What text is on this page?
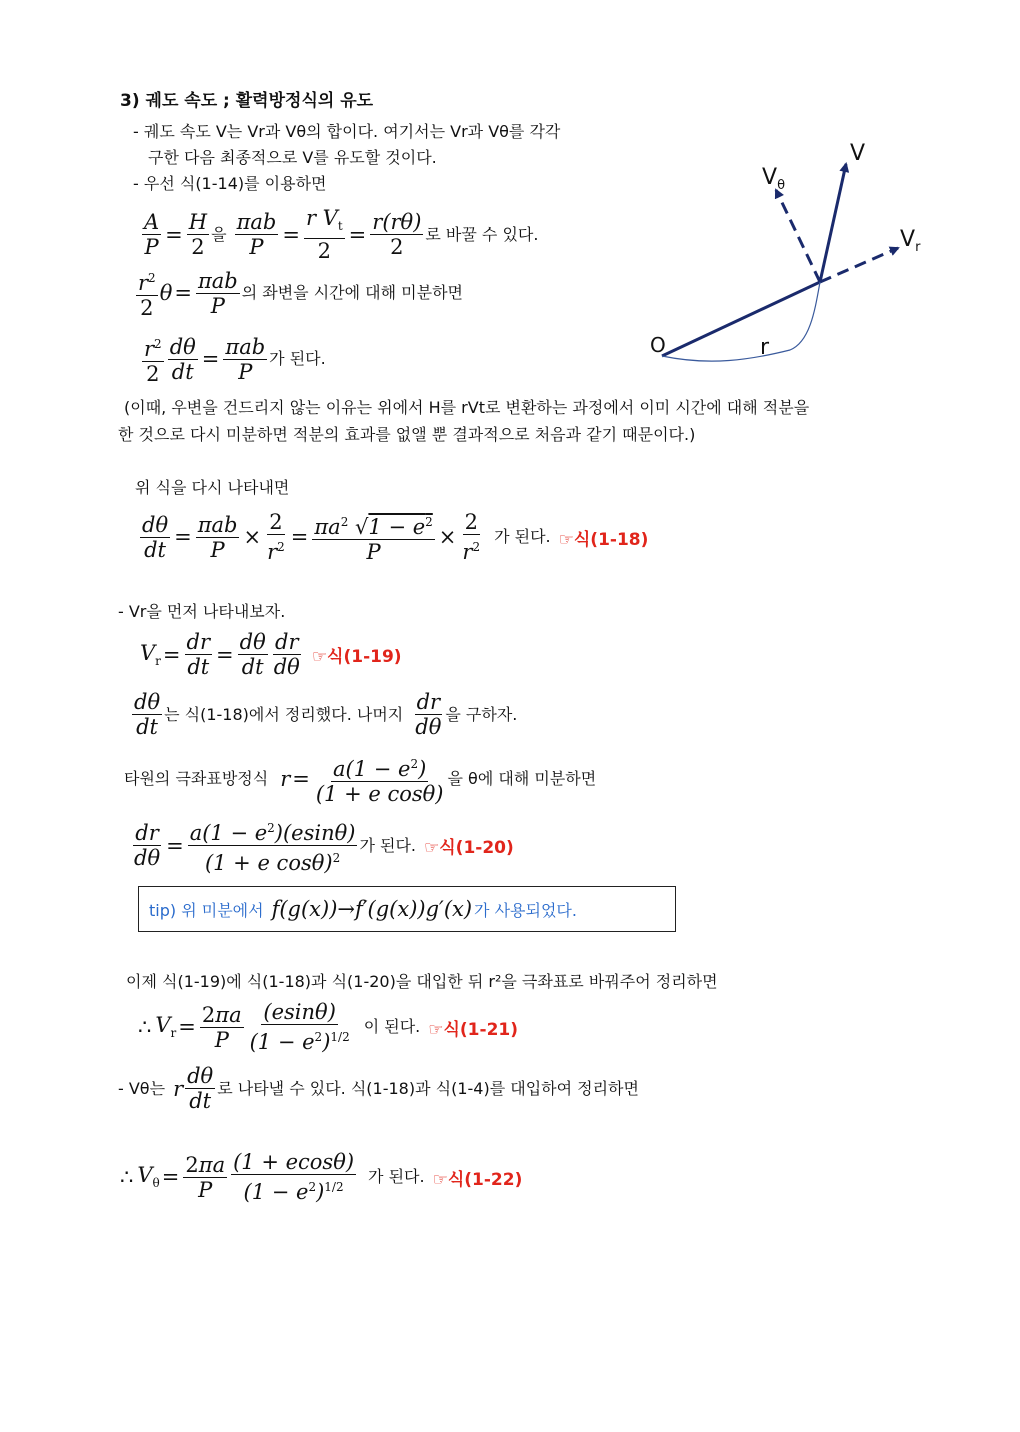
3) 궤도 속도 ; 활력방정식의 유도
- 궤도 속도 V는 Vr과 Vθ의 합이다. 여기서는 Vr과 Vθ를 각각
구한 다음 최종적으로 V를 유도할 것이다.
- 우선 식(1-14)를 이용하면
$\frac{A}{P} = \frac{H}{2}$ 을 $\frac{\text{πab}}{P} = \frac{r V_t}{2} = \frac{r(r\theta)}{2}$ 로 바꿀 수 있다.
$\frac{r^2}{2}$ $\theta = \frac{\text{πab}}{P}$ 의 좌변을 시간에 대해 미분하면
$\frac{r^2}{2} \frac{d\theta}{dt} = \frac{\text{πab}}{P}$ 가 된다.
V
$V_\theta$
$V_r$
O	r
(이때, 우변을 건드리지 않는 이유는 위에서 H를 rVt로 변환하는 과정에서 이미 시간에 대해 적분을
한 것으로 다시 미분하면 적분의 효과를 없앨 뿐 결과적으로 처음과 같기 때문이다.)
위 식을 다시 나타내면
$\frac{d\theta}{dt} = \frac{\text{πab}}{P} \times \frac{2}{r^2} = \frac{\pi a^2 √1 - e^2}{P} \times \frac{2}{r^2}$ 가 된다. ☞식(1-18)
- Vr을 먼저 나타내보자.
$V_r = \frac{dr}{dt} = \frac{d\theta}{dt} \frac{dr}{d\theta}$ ☞식(1-19)
$\frac{d\theta}{dt}$ 는 식(1-18)에서 정리했다. 나머지 $\frac{dr}{d\theta}$ 을 구하자.
타원의 극좌표방정식 $r = \frac{a(1 - e^2)}{\text{(1 + e cosθ)}}$ 을 θ에 대해 미분하면
$\frac{dr}{d\theta} = \frac{a(1 - e^2)(esin\theta)}{(1 + e \cos\theta)^2}$ 가 된다. ☞식(1-20)
tip) 위 미분에서 f(g(x))→f′(g(x))g′(x) 가 사용되었다.
이제 식(1-19)에 식(1-18)과 식(1-20)을 대입한 뒤 r²을 극좌표로 바꿔주어 정리하면
∴ $V_r = \frac{2\pi a}{P} \frac{(esin\theta)}{(1 - e^2)^{1/2}}$ 이 된다. ☞식(1-21)
- Vθ는 r $\frac{d\theta}{dt}$ 로 나타낼 수 있다. 식(1-18)과 식(1-4)를 대입하여 정리하면
∴ $V_\theta = \frac{2\pi a}{P} \frac{(1 + ecos\theta)}{(1 - e^2)^{1/2}}$ 가 된다. ☞식(1-22)
